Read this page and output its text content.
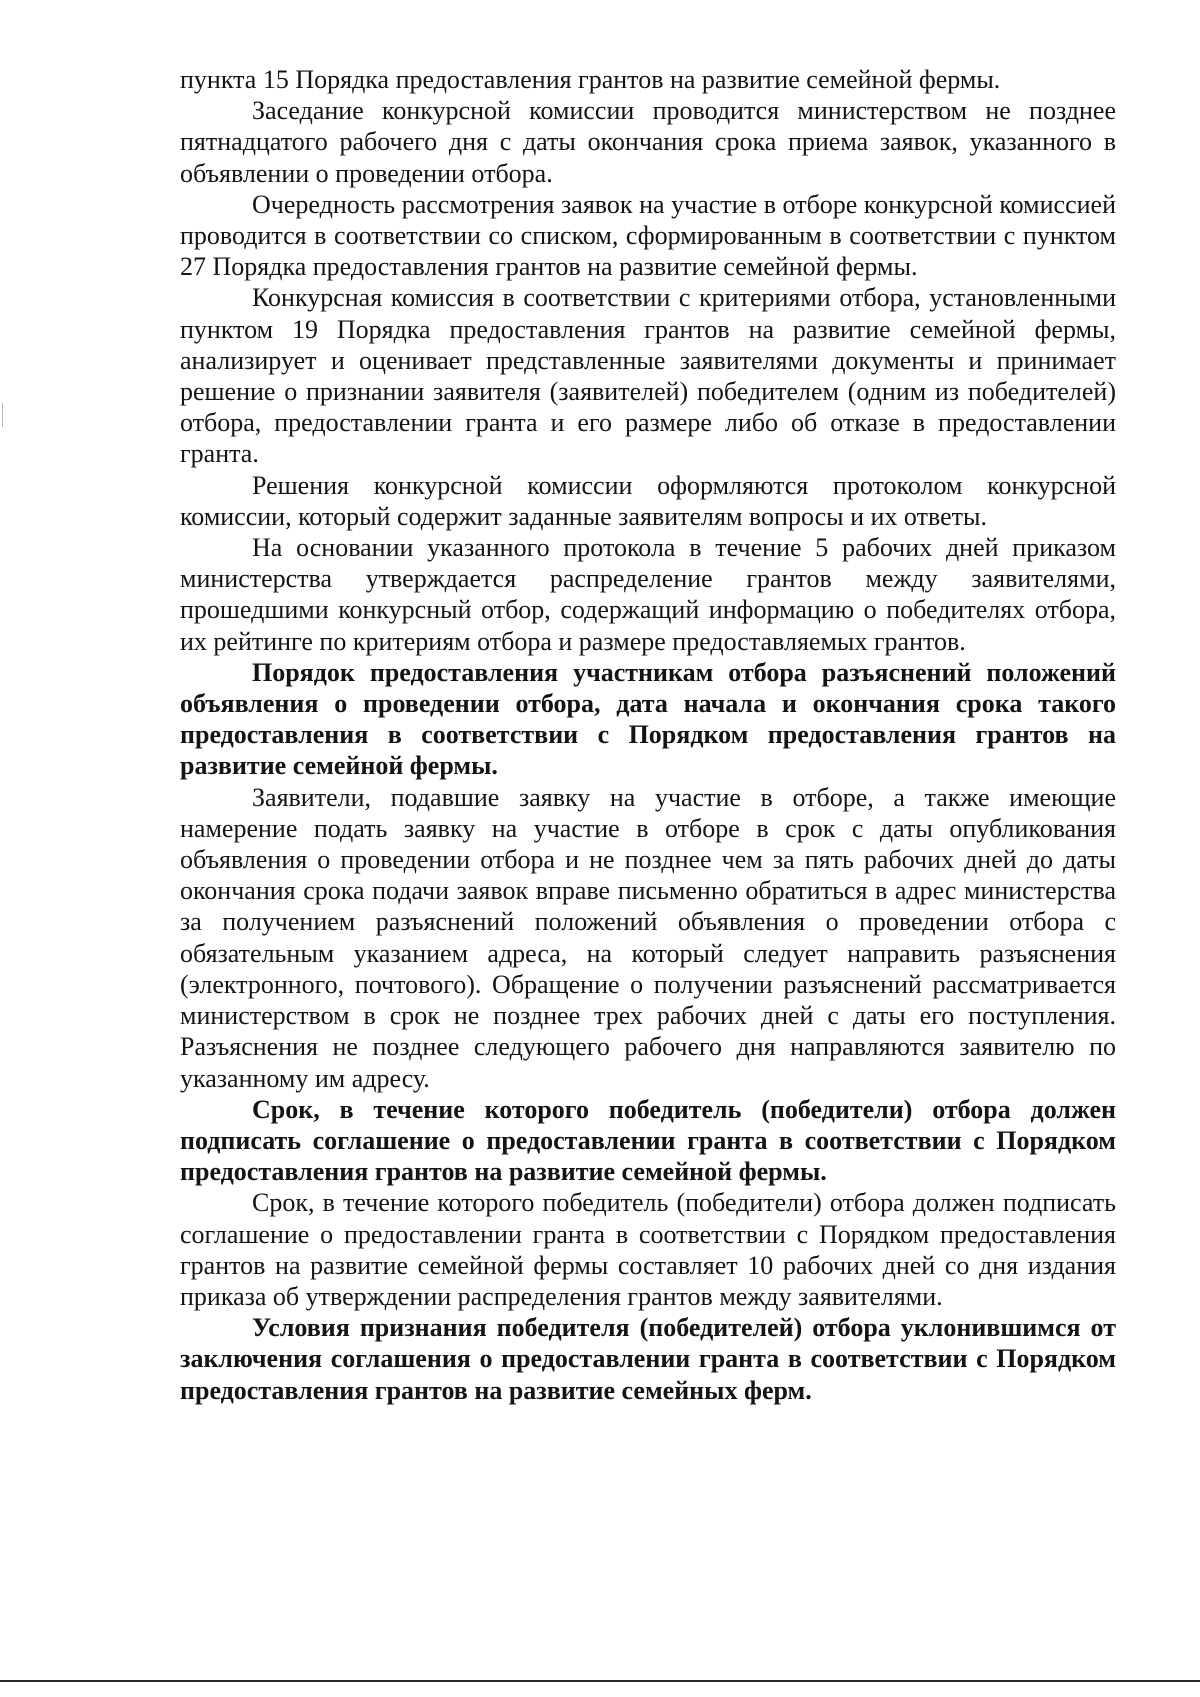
пункта 15 Порядка предоставления грантов на развитие семейной фермы.

Заседание конкурсной комиссии проводится министерством не позднее пятнадцатого рабочего дня с даты окончания срока приема заявок, указанного в объявлении о проведении отбора.

Очередность рассмотрения заявок на участие в отборе конкурсной комиссией проводится в соответствии со списком, сформированным в соответствии с пунктом 27 Порядка предоставления грантов на развитие семейной фермы.

Конкурсная комиссия в соответствии с критериями отбора, установленными пунктом 19 Порядка предоставления грантов на развитие семейной фермы, анализирует и оценивает представленные заявителями документы и принимает решение о признании заявителя (заявителей) победителем (одним из победителей) отбора, предоставлении гранта и его размере либо об отказе в предоставлении гранта.

Решения конкурсной комиссии оформляются протоколом конкурсной комиссии, который содержит заданные заявителям вопросы и их ответы.

На основании указанного протокола в течение 5 рабочих дней приказом министерства утверждается распределение грантов между заявителями, прошедшими конкурсный отбор, содержащий информацию о победителях отбора, их рейтинге по критериям отбора и размере предоставляемых грантов.

Порядок предоставления участникам отбора разъяснений положений объявления о проведении отбора, дата начала и окончания срока такого предоставления в соответствии с Порядком предоставления грантов на развитие семейной фермы.

Заявители, подавшие заявку на участие в отборе, а также имеющие намерение подать заявку на участие в отборе в срок с даты опубликования объявления о проведении отбора и не позднее чем за пять рабочих дней до даты окончания срока подачи заявок вправе письменно обратиться в адрес министерства за получением разъяснений положений объявления о проведении отбора с обязательным указанием адреса, на который следует направить разъяснения (электронного, почтового). Обращение о получении разъяснений рассматривается министерством в срок не позднее трех рабочих дней с даты его поступления. Разъяснения не позднее следующего рабочего дня направляются заявителю по указанному им адресу.

Срок, в течение которого победитель (победители) отбора должен подписать соглашение о предоставлении гранта в соответствии с Порядком предоставления грантов на развитие семейной фермы.

Срок, в течение которого победитель (победители) отбора должен подписать соглашение о предоставлении гранта в соответствии с Порядком предоставления грантов на развитие семейной фермы составляет 10 рабочих дней со дня издания приказа об утверждении распределения грантов между заявителями.

Условия признания победителя (победителей) отбора уклонившимся от заключения соглашения о предоставлении гранта в соответствии с Порядком предоставления грантов на развитие семейных ферм.
